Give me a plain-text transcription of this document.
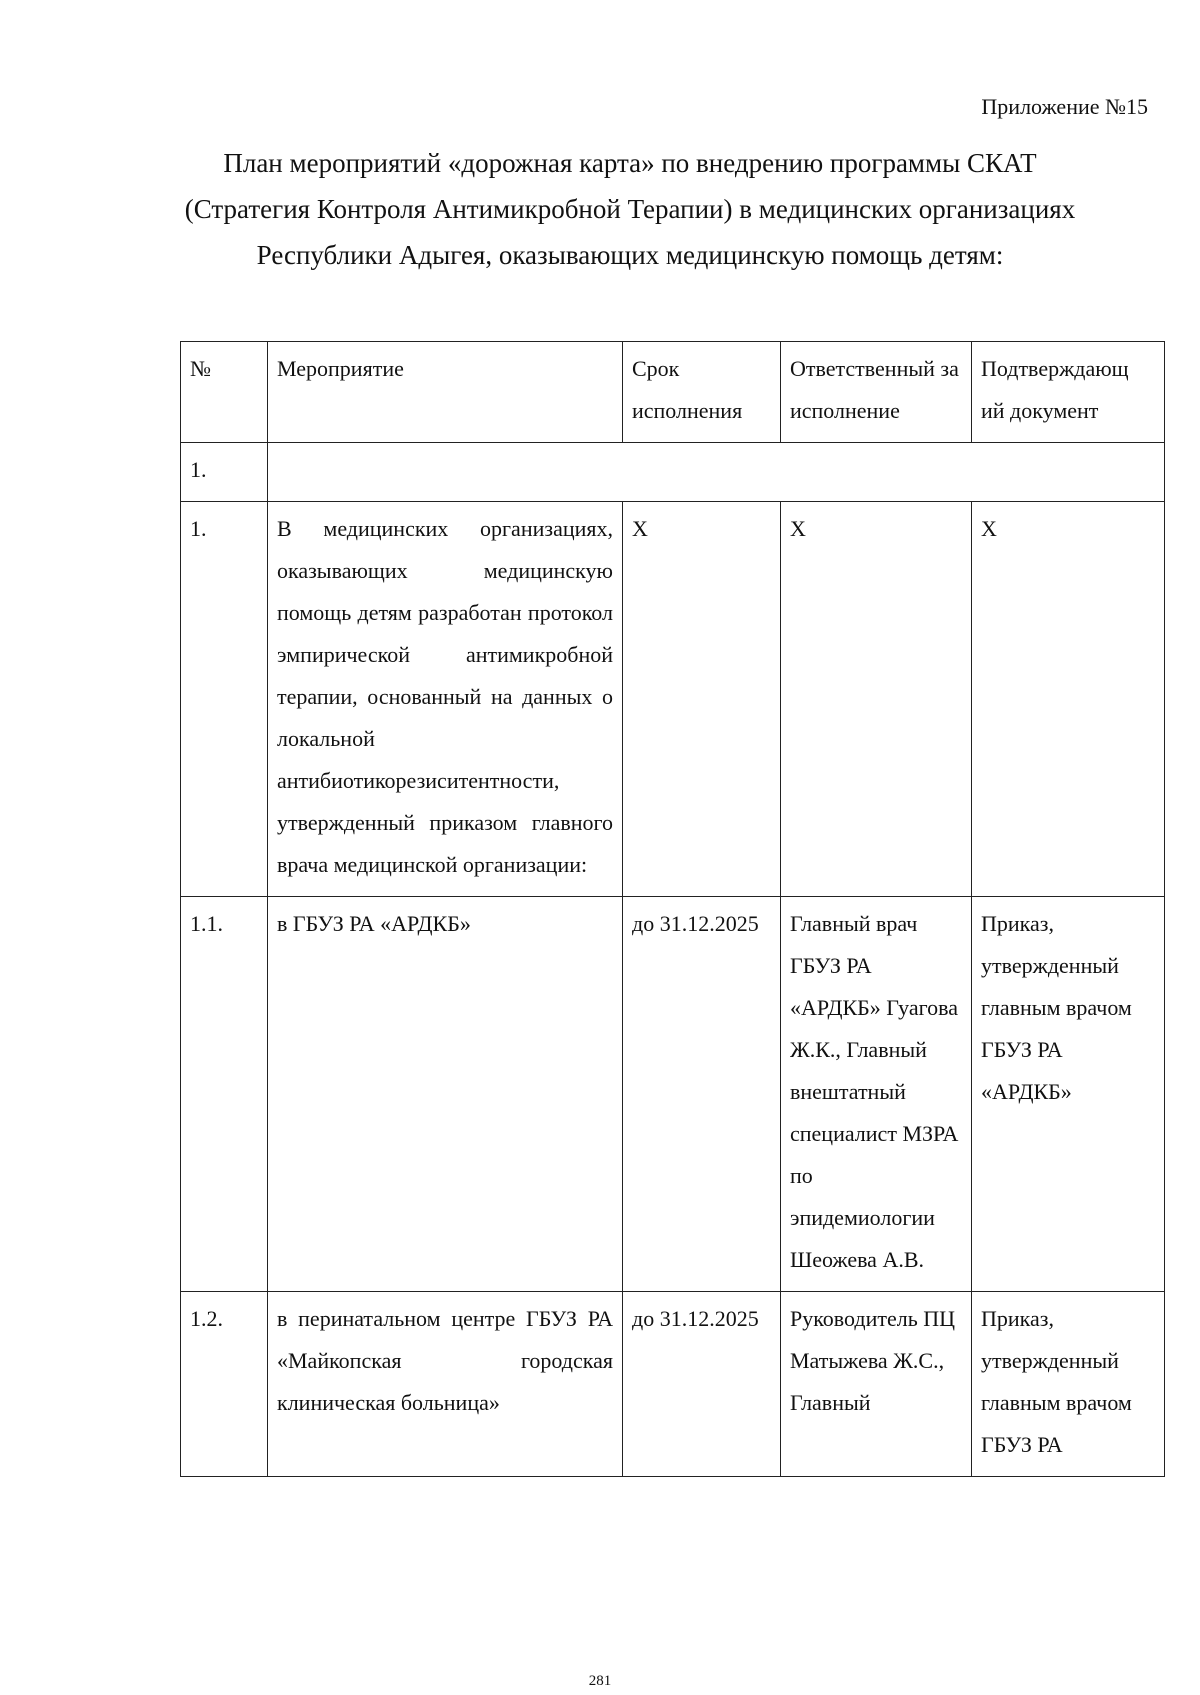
Приложение №15
План мероприятий «дорожная карта» по внедрению программы СКАТ
(Стратегия Контроля Антимикробной Терапии) в медицинских организациях
Республики Адыгея, оказывающих медицинскую помощь детям:
№	Мероприятие	Срок исполнения	Ответственный за исполнение	Подтверждающ ий документ
1.				
1.	В медицинских организациях, оказывающих медицинскую помощь детям разработан протокол эмпирической антимикробной терапии, основанный на данных о локальной антибиотикорезиситентности, утвержденный приказом главного врача медицинской организации:	X	X	X
1.1.	в ГБУЗ РА «АРДКБ»	до 31.12.2025	Главный врач ГБУЗ РА «АРДКБ» Гуагова Ж.К., Главный внештатный специалист МЗРА по эпидемиологии Шеожева А.В.	Приказ, утвержденный главным врачом ГБУЗ РА «АРДКБ»
1.2.	в перинатальном центре ГБУЗ РА «Майкопская городская клиническая больница»	до 31.12.2025	Руководитель ПЦ Матыжева Ж.С., Главный	Приказ, утвержденный главным врачом ГБУЗ РА
281
